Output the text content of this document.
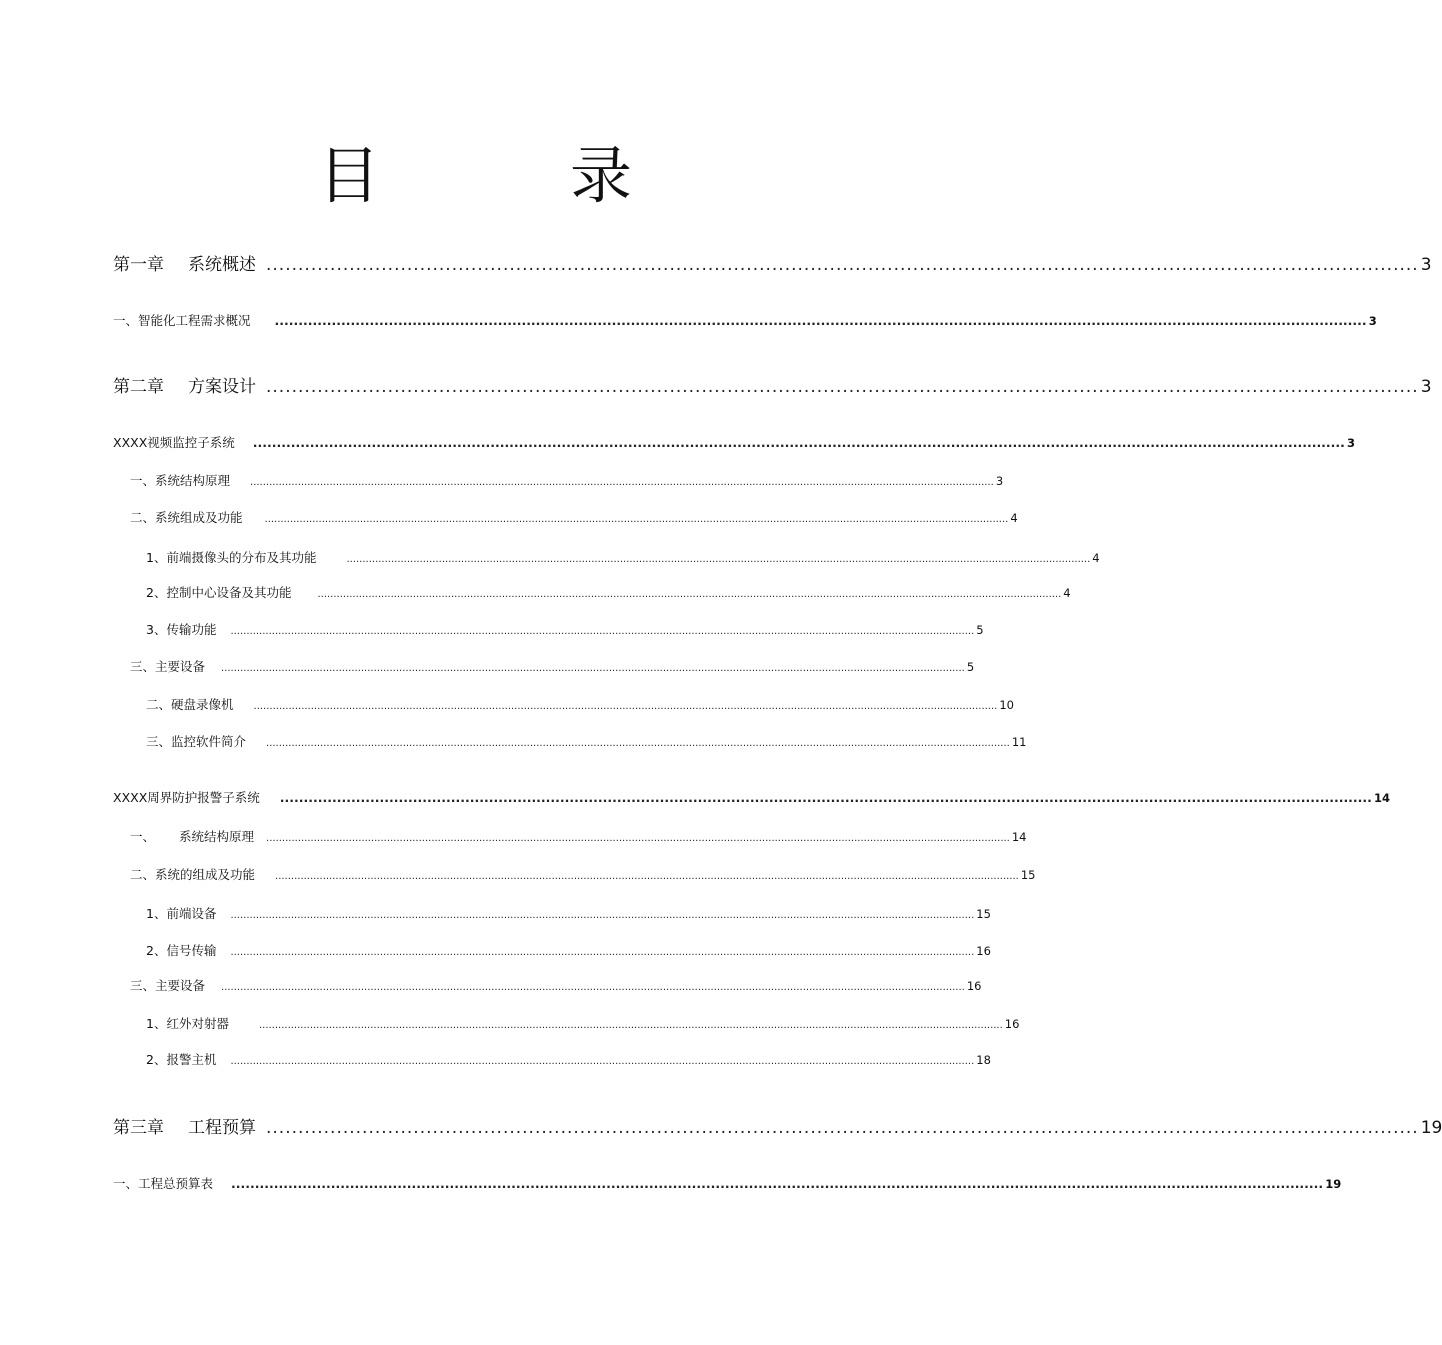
目　录
第一章 系统概述 .................................................................................................................................................................................... 3
一、智能化工程需求概况 ...................................................................................................................................................................................................................................... 3
第二章 方案设计 .................................................................................................................................................................................... 3
XXXX视频监控子系统 ...................................................................................................................................................................................................................................... 3
一、系统结构原理 .......................................................................................................................................................................................................................................... 3
二、系统组成及功能 .......................................................................................................................................................................................................................................... 4
1、前端摄像头的分布及其功能	.......................................................................................................................................................................................................................................... 4
2、控制中心设备及其功能	.......................................................................................................................................................................................................................................... 4
3、传输功能 .......................................................................................................................................................................................................................................... 5
三、主要设备 .......................................................................................................................................................................................................................................... 5
二、硬盘录像机 .......................................................................................................................................................................................................................................... 10
三、监控软件简介 .......................................................................................................................................................................................................................................... 11
XXXX周界防护报警子系统 ...................................................................................................................................................................................................................................... 14
一、 系统结构原理 .......................................................................................................................................................................................................................................... 14
二、系统的组成及功能 .......................................................................................................................................................................................................................................... 15
1、前端设备 .......................................................................................................................................................................................................................................... 15
2、信号传输 .......................................................................................................................................................................................................................................... 16
三、主要设备 .......................................................................................................................................................................................................................................... 16
1、红外对射器	.......................................................................................................................................................................................................................................... 16
2、报警主机 .......................................................................................................................................................................................................................................... 18
第三章 工程预算 .................................................................................................................................................................................... 19
一、工程总预算表 ...................................................................................................................................................................................................................................... 19
